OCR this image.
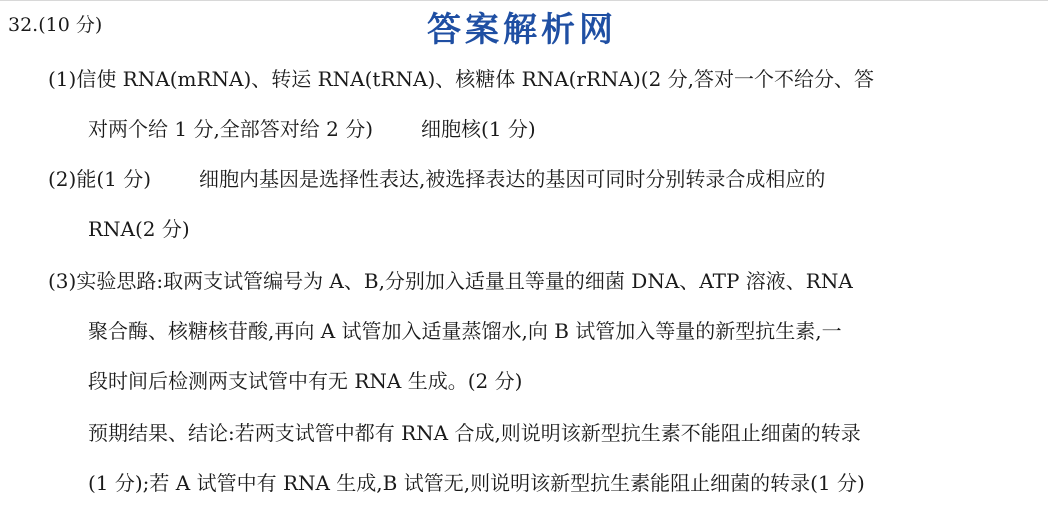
32.(10 分)	答案解析网
(1)信使 RNA(mRNA)、转运 RNA(tRNA)、核糖体 RNA(rRNA)(2 分,答对一个不给分、答
对两个给 1 分,全部答对给 2 分) 细胞核(1 分)
(2)能(1 分) 细胞内基因是选择性表达,被选择表达的基因可同时分别转录合成相应的
RNA(2 分)
(3)实验思路:取两支试管编号为 A、B,分别加入适量且等量的细菌 DNA、ATP 溶液、RNA
聚合酶、核糖核苷酸,再向 A 试管加入适量蒸馏水,向 B 试管加入等量的新型抗生素,一
段时间后检测两支试管中有无 RNA 生成。(2 分)
预期结果、结论:若两支试管中都有 RNA 合成,则说明该新型抗生素不能阻止细菌的转录
(1 分);若 A 试管中有 RNA 生成,B 试管无,则说明该新型抗生素能阻止细菌的转录(1 分)
